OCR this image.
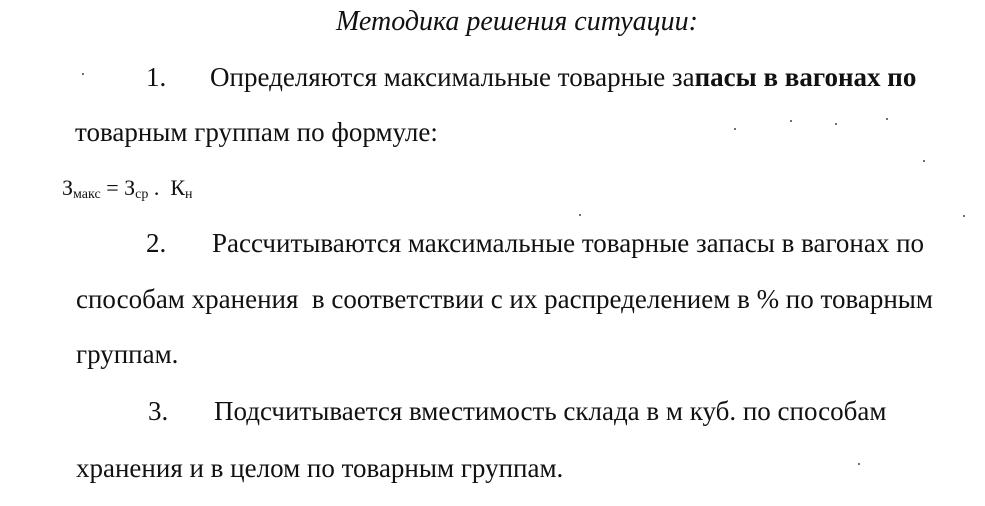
Методика решения ситуации:
1. Определяются максимальные товарные запасы в вагонах по
товарным группам по формуле:
$З_{макс} = З_{ср}$ .  $К_н$
2. Рассчитываются максимальные товарные запасы в вагонах по
способам хранения  в соответствии с их распределением в % по товарным
группам.
3. Подсчитывается вместимость склада в м куб. по способам
хранения и в целом по товарным группам.
